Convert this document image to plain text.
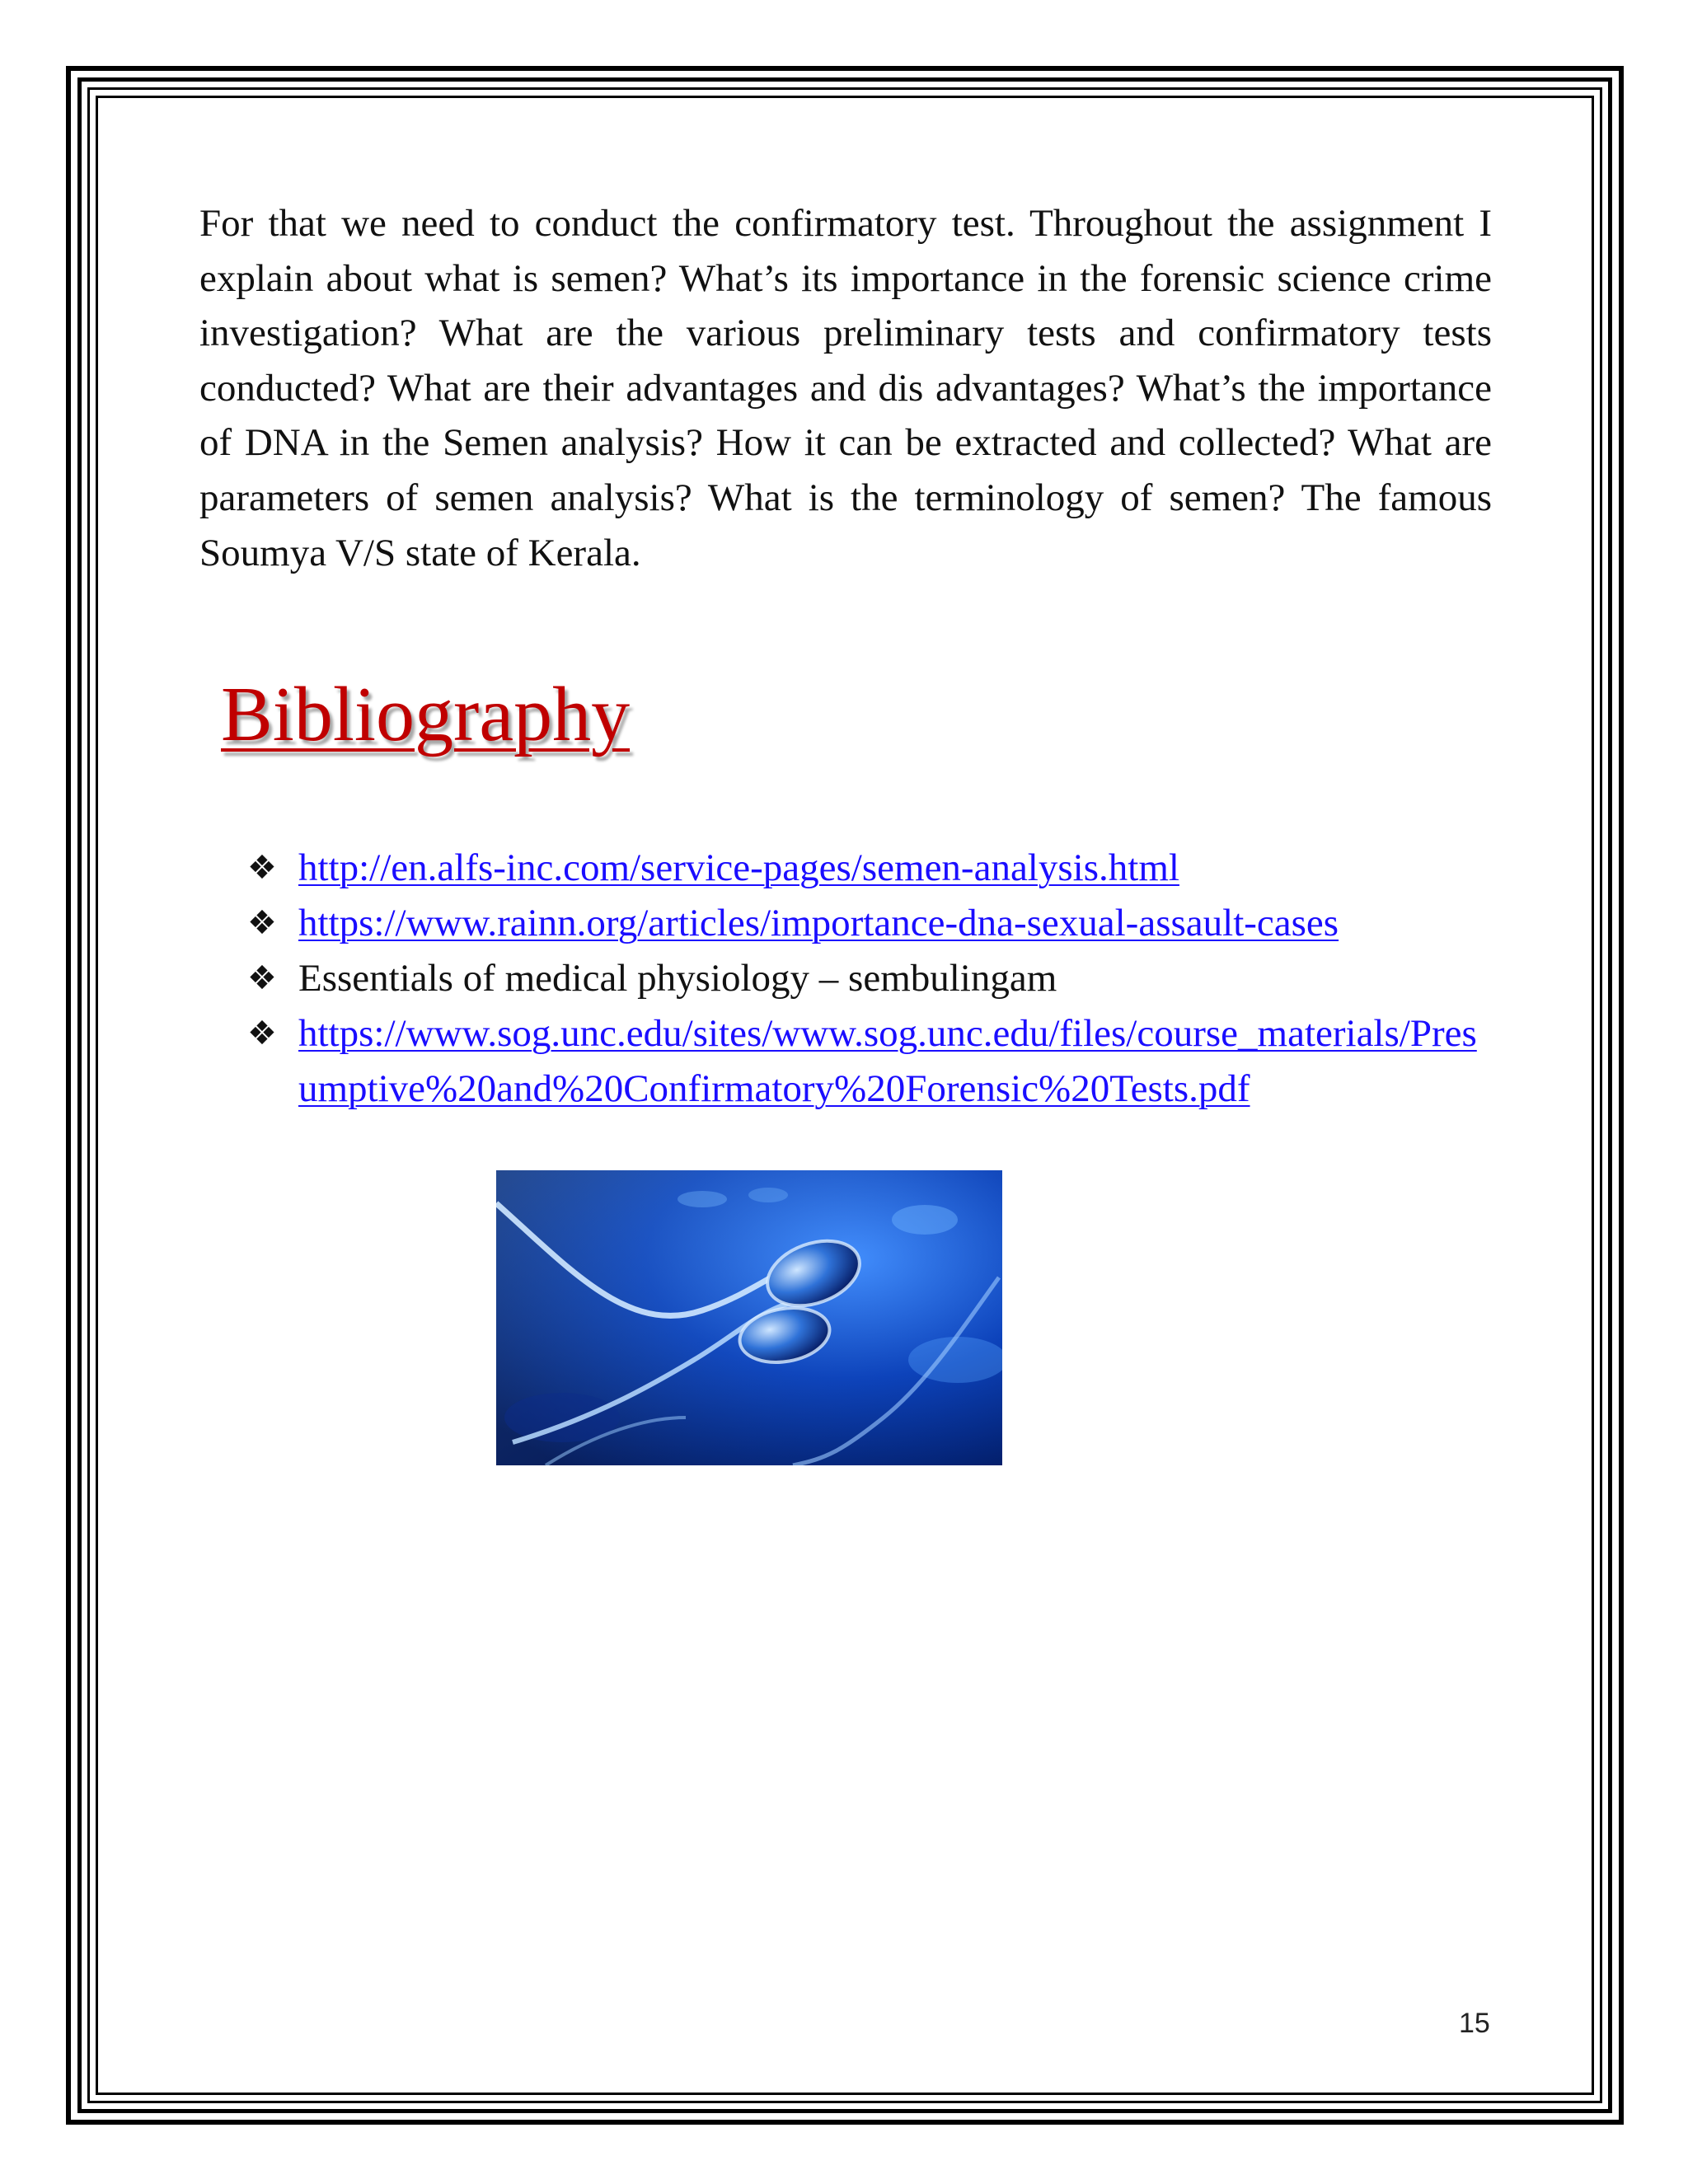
For that we need to conduct the confirmatory test. Throughout the assignment I explain about what is semen? What’s its importance in the forensic science crime investigation? What are the various preliminary tests and confirmatory tests conducted? What are their advantages and dis advantages? What’s the importance of DNA in the Semen analysis? How it can be extracted and collected? What are parameters of semen analysis? What is the terminology of semen? The famous Soumya V/S state of Kerala.

Bibliography
❖ http://en.alfs-inc.com/service-pages/semen-analysis.html
❖ https://www.rainn.org/articles/importance-dna-sexual-assault-cases
❖ Essentials of medical physiology – sembulingam
❖ https://www.sog.unc.edu/sites/www.sog.unc.edu/files/course_materials/Presumptive%20and%20Confirmatory%20Forensic%20Tests.pdf
15
